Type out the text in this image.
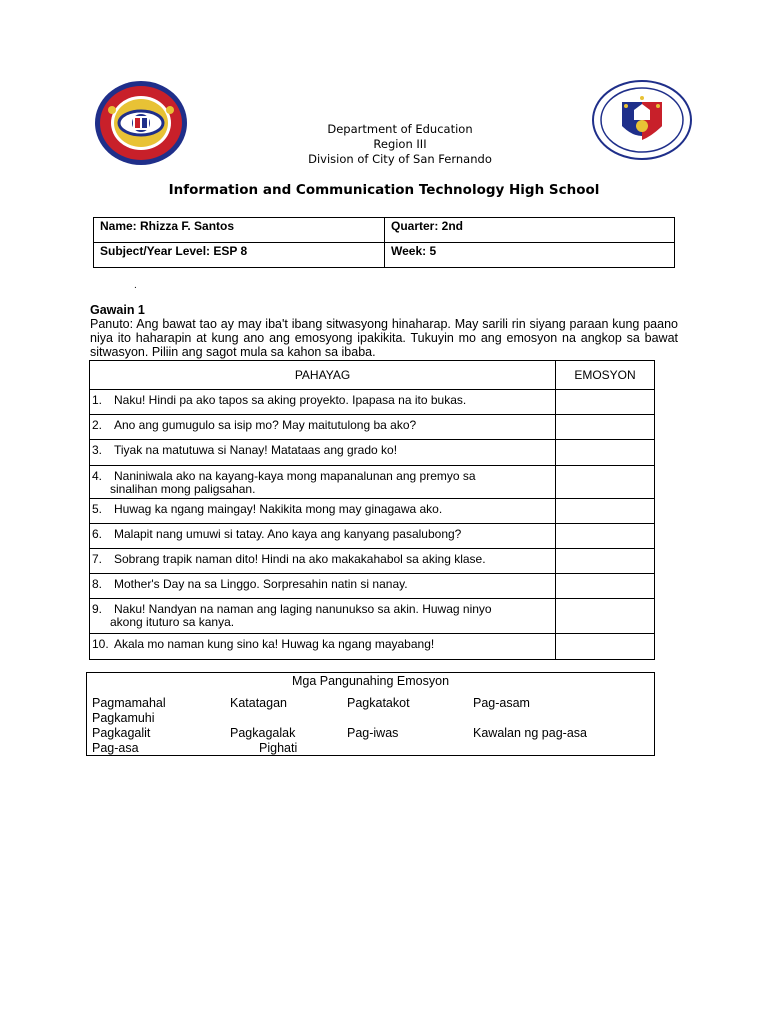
Department of Education
Region III
Division of City of San Fernando
Information and Communication Technology High School
Name: Rhizza F. Santos	Quarter: 2nd
Subject/Year Level: ESP 8	Week: 5
.
Gawain 1
Panuto: Ang bawat tao ay may iba't ibang sitwasyong hinaharap. May sarili rin siyang paraan kung paano niya ito haharapin at kung ano ang emosyong ipakikita. Tukuyin mo ang emosyon na angkop sa bawat sitwasyon. Piliin ang sagot mula sa kahon sa ibaba.
PAHAYAG	EMOSYON
1. Naku! Hindi pa ako tapos sa aking proyekto. Ipapasa na ito bukas.	
2. Ano ang gumugulo sa isip mo? May maitutulong ba ako?	
3. Tiyak na matutuwa si Nanay! Matataas ang grado ko!	
4. Naniniwala ako na kayang-kaya mong mapanalunan ang premyo sa
sinalihan mong paligsahan.	

5. Huwag ka ngang maingay! Nakikita mong may ginagawa ako.	
6. Malapit nang umuwi si tatay. Ano kaya ang kanyang pasalubong?	
7. Sobrang trapik naman dito! Hindi na ako makakahabol sa aking klase.	
8. Mother's Day na sa Linggo. Sorpresahin natin si nanay.	
9. Naku! Nandyan na naman ang laging nanunukso sa akin. Huwag ninyo
akong ituturo sa kanya.	

10. Akala mo naman kung sino ka! Huwag ka ngang mayabang!	
Mga Pangunahing Emosyon
Pagmamahal	Katatagan	Pagkatakot	Pag-asam
Pagkamuhi
Pagkagalit	Pagkagalak	Pag-iwas	Kawalan ng pag-asa
Pag-asa	Pighati
